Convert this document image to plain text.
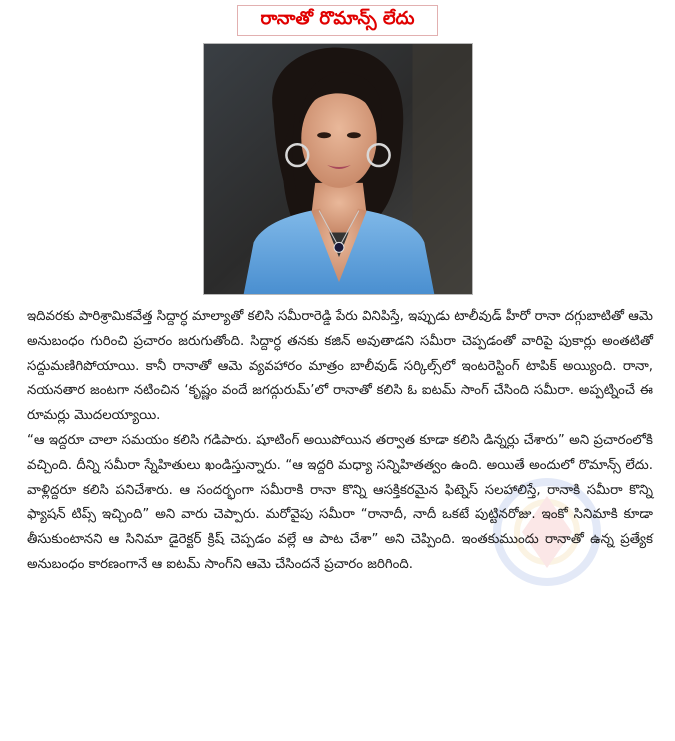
రానాతో రొమాన్స్ లేదు

ఇదివరకు పారిశ్రామికవేత్త సిద్దార్ధ మాల్యాతో కలిసి సమీరారెడ్డి పేరు వినిపిస్తే, ఇప్పుడు టాలీవుడ్ హీరో రానా దగ్గుబాటితో ఆమె అనుబంధం గురించి ప్రచారం జరుగుతోంది. సిద్దార్ధ తనకు కజిన్ అవుతాడని సమీరా చెప్పడంతో వారిపై పుకార్లు అంతటితో సద్దుమణిగిపోయాయి. కానీ రానాతో ఆమె వ్యవహారం మాత్రం బాలీవుడ్ సర్కిల్స్‌లో ఇంటరెస్టింగ్ టాపిక్ అయ్యింది. రానా, నయనతార జంటగా నటించిన ‘కృష్ణం వందే జగద్గురుమ్’లో రానాతో కలిసి ఓ ఐటమ్ సాంగ్ చేసింది సమీరా. అప్పట్నించే ఈ రూమర్లు మొదలయ్యాయి.

“ఆ ఇద్దరూ చాలా సమయం కలిసి గడిపారు. షూటింగ్ అయిపోయిన తర్వాత కూడా కలిసి డిన్నర్లు చేశారు” అని ప్రచారంలోకి వచ్చింది. దీన్ని సమీరా స్నేహితులు ఖండిస్తున్నారు. “ఆ ఇద్దరి మధ్యా సన్నిహితత్వం ఉంది. అయితే అందులో రొమాన్స్ లేదు. వాళ్లిద్దరూ కలిసి పనిచేశారు. ఆ సందర్భంగా సమీరాకి రానా కొన్ని ఆసక్తికరమైన ఫిట్నెస్ సలహాలిస్తే, రానాకి సమీరా కొన్ని ఫ్యాషన్ టిప్స్ ఇచ్చింది” అని వారు చెప్పారు. మరోవైపు సమీరా “రానాదీ, నాదీ ఒకటే పుట్టినరోజు. ఇంకో సినిమాకి కూడా తీసుకుంటానని ఆ సినిమా డైరెక్టర్ క్రిష్ చెప్పడం వల్లే ఆ పాట చేశా” అని చెప్పింది. ఇంతకుముందు రానాతో ఉన్న ప్రత్యేక అనుబంధం కారణంగానే ఆ ఐటమ్ సాంగ్‌ని ఆమె చేసిందనే ప్రచారం జరిగింది.
